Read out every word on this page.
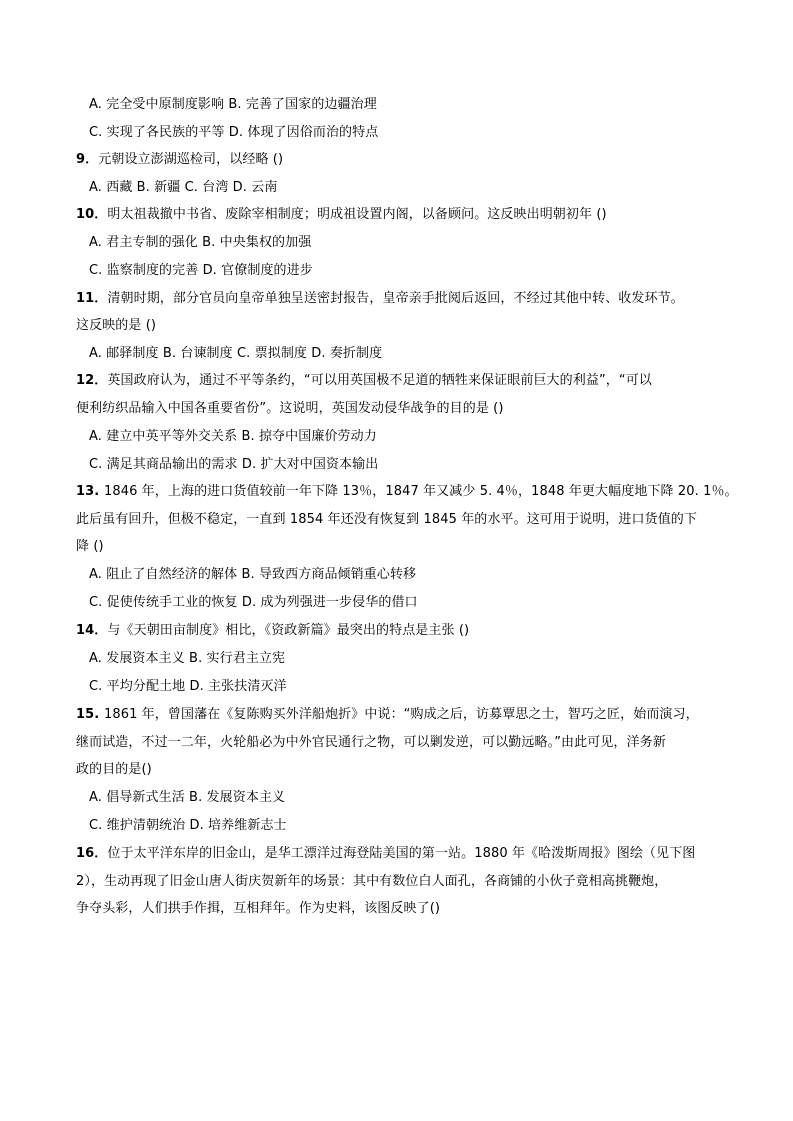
A. 完全受中原制度影响 B. 完善了国家的边疆治理
C. 实现了各民族的平等 D. 体现了因俗而治的特点
9．元朝设立澎湖巡检司，以经略 ()
A. 西藏 B. 新疆 C. 台湾 D. 云南
10．明太祖裁撤中书省、废除宰相制度；明成祖设置内阁，以备顾问。这反映出明朝初年 ()
A. 君主专制的强化 B. 中央集权的加强
C. 监察制度的完善 D. 官僚制度的进步
11．清朝时期，部分官员向皇帝单独呈送密封报告，皇帝亲手批阅后返回，不经过其他中转、收发环节。
这反映的是 ()
A. 邮驿制度 B. 台谏制度 C. 票拟制度 D. 奏折制度
12．英国政府认为，通过不平等条约，“可以用英国极不足道的牺牲来保证眼前巨大的利益”，“可以
便利纺织品输入中国各重要省份”。这说明，英国发动侵华战争的目的是 ()
A. 建立中英平等外交关系 B. 掠夺中国廉价劳动力
C. 满足其商品输出的需求 D. 扩大对中国资本输出
13. 1846 年，上海的进口货值较前一年下降 13％，1847 年又减少 5. 4％，1848 年更大幅度地下降 20. 1％。
此后虽有回升，但极不稳定，一直到 1854 年还没有恢复到 1845 年的水平。这可用于说明，进口货值的下
降 ()
A. 阻止了自然经济的解体 B. 导致西方商品倾销重心转移
C. 促使传统手工业的恢复 D. 成为列强进一步侵华的借口
14．与《天朝田亩制度》相比，《资政新篇》最突出的特点是主张 ()
A. 发展资本主义 B. 实行君主立宪
C. 平均分配土地 D. 主张扶清灭洋
15. 1861 年，曾国藩在《复陈购买外洋船炮折》中说：“购成之后，访募覃思之士，智巧之匠，始而演习，
继而试造，不过一二年，火轮船必为中外官民通行之物，可以剿发逆，可以勤远略。”由此可见，洋务新
政的目的是()
A. 倡导新式生活 B. 发展资本主义
C. 维护清朝统治 D. 培养维新志士
16．位于太平洋东岸的旧金山，是华工漂洋过海登陆美国的第一站。1880 年《哈泼斯周报》图绘（见下图
2），生动再现了旧金山唐人街庆贺新年的场景：其中有数位白人面孔，各商铺的小伙子竟相高挑鞭炮，
争夺头彩，人们拱手作揖，互相拜年。作为史料，该图反映了()
